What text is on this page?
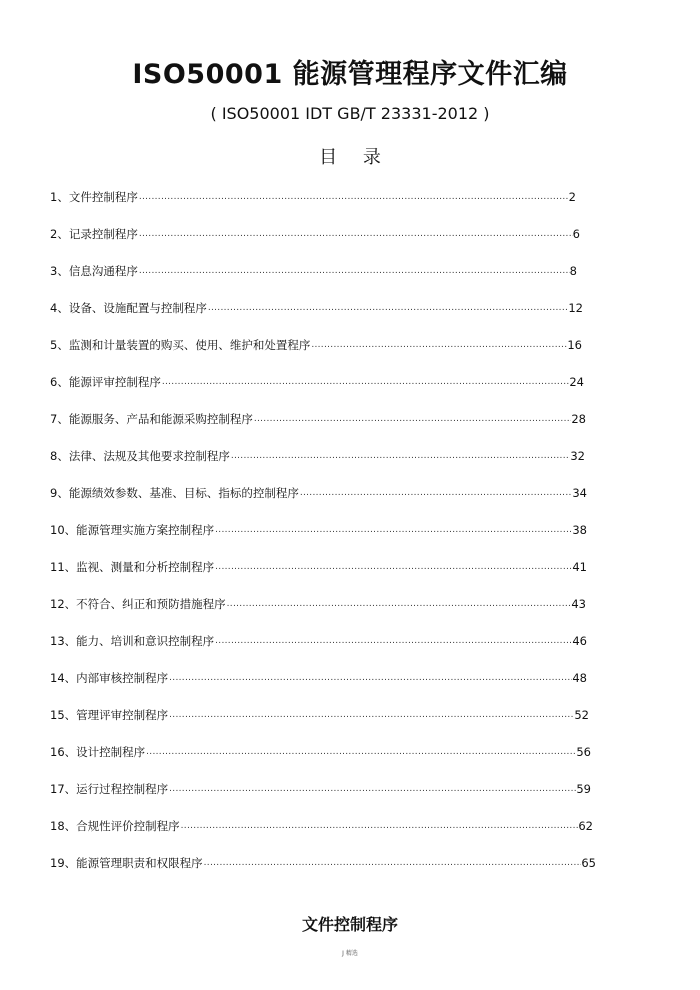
ISO50001 能源管理程序文件汇编
( ISO50001 IDT GB/T 23331-2012 )
目 录
1、文件控制程序 .....	2
2、记录控制程序 .....	6
3、信息沟通程序 .....	8
4、设备、设施配置与控制程序 .....	12
5、监测和计量装置的购买、使用、维护和处置程序 .....	16
6、能源评审控制程序 .....	24
7、能源服务、产品和能源采购控制程序 .....	28
8、法律、法规及其他要求控制程序 .....	32
9、能源绩效参数、基准、目标、指标的控制程序 .....	34
10、能源管理实施方案控制程序 .....	38
11、监视、测量和分析控制程序 .....	41
12、不符合、纠正和预防措施程序 .....	43
13、能力、培训和意识控制程序 .....	46
14、内部审核控制程序 .....	48
15、管理评审控制程序 .....	52
16、设计控制程序 .....	56
17、运行过程控制程序 .....	59
18、合规性评价控制程序 .....	62
19、能源管理职责和权限程序 .....	65
文件控制程序
J 精选
